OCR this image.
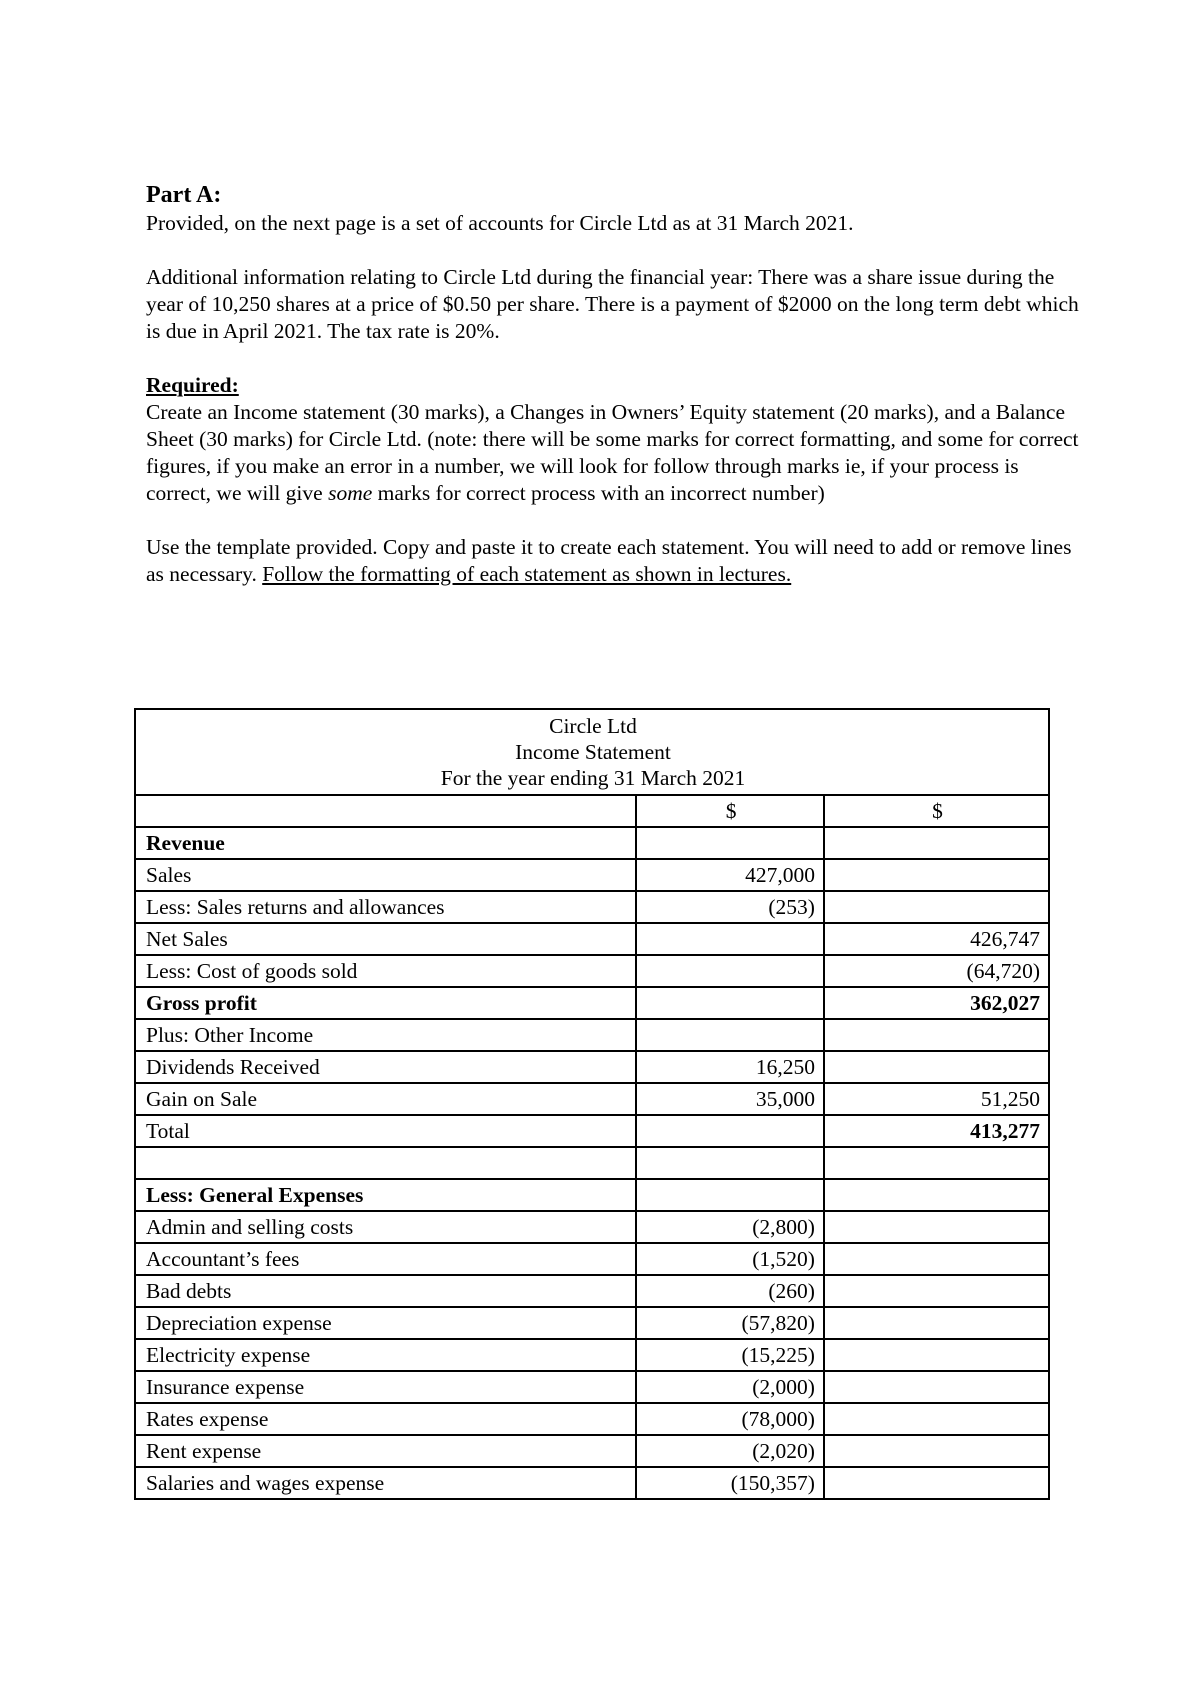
Part A:

Provided, on the next page is a set of accounts for Circle Ltd as at 31 March 2021.

Additional information relating to Circle Ltd during the financial year: There was a share issue during the year of 10,250 shares at a price of $0.50 per share. There is a payment of $2000 on the long term debt which is due in April 2021. The tax rate is 20%.

Required:

Create an Income statement (30 marks), a Changes in Owners’ Equity statement (20 marks), and a Balance Sheet (30 marks) for Circle Ltd. (note: there will be some marks for correct formatting, and some for correct figures, if you make an error in a number, we will look for follow through marks ie, if your process is correct, we will give some marks for correct process with an incorrect number)

Use the template provided. Copy and paste it to create each statement. You will need to add or remove lines as necessary. Follow the formatting of each statement as shown in lectures.

Circle Ltd
Income Statement
For the year ending 31 March 2021		

	$	$
Revenue		
Sales	427,000	
Less: Sales returns and allowances	(253)	
Net Sales		426,747
Less: Cost of goods sold		(64,720)
Gross profit		362,027
Plus: Other Income		
Dividends Received	16,250	
Gain on Sale	35,000	51,250
Total		413,277

Less: General Expenses		
Admin and selling costs	(2,800)	
Accountant’s fees	(1,520)	
Bad debts	(260)	
Depreciation expense	(57,820)	
Electricity expense	(15,225)	
Insurance expense	(2,000)	
Rates expense	(78,000)	
Rent expense	(2,020)	
Salaries and wages expense	(150,357)	
